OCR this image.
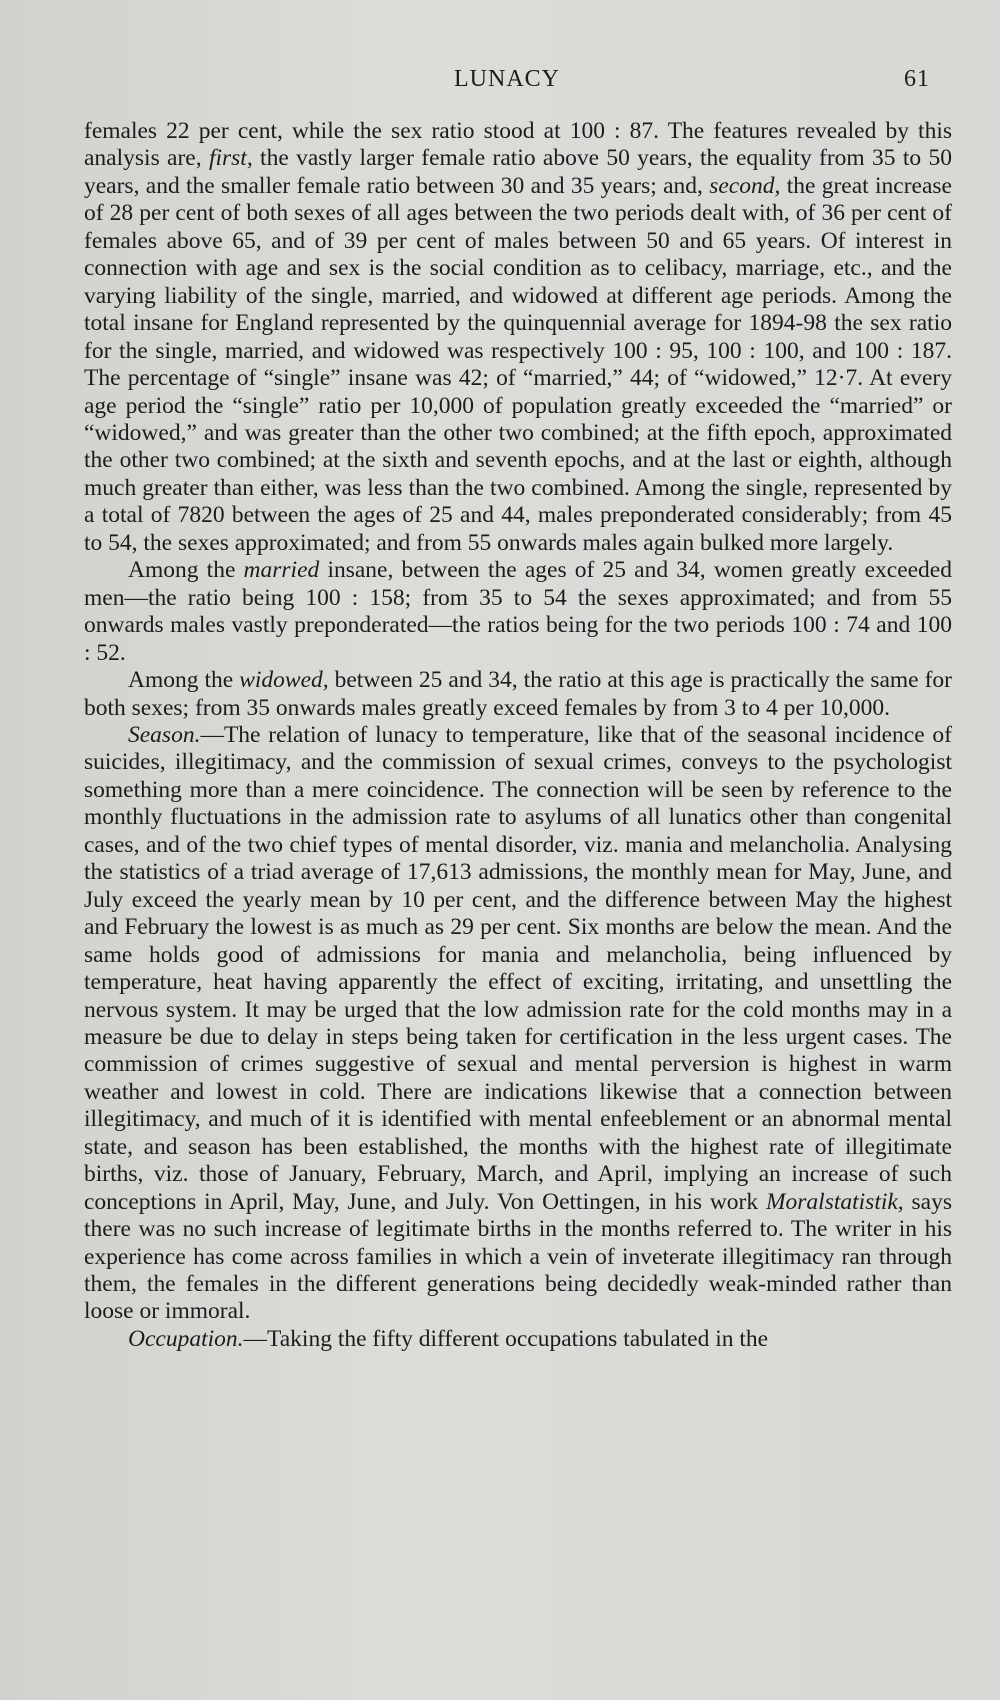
LUNACY	61

females 22 per cent, while the sex ratio stood at 100 : 87. The features revealed by this analysis are, first, the vastly larger female ratio above 50 years, the equality from 35 to 50 years, and the smaller female ratio between 30 and 35 years; and, second, the great increase of 28 per cent of both sexes of all ages between the two periods dealt with, of 36 per cent of females above 65, and of 39 per cent of males between 50 and 65 years. Of interest in connection with age and sex is the social condition as to celibacy, marriage, etc., and the varying liability of the single, married, and widowed at different age periods. Among the total insane for England represented by the quinquennial average for 1894-98 the sex ratio for the single, married, and widowed was respectively 100 : 95, 100 : 100, and 100 : 187. The percentage of “single” insane was 42; of “married,” 44; of “widowed,” 12·7. At every age period the “single” ratio per 10,000 of population greatly exceeded the “married” or “widowed,” and was greater than the other two combined; at the fifth epoch, approximated the other two combined; at the sixth and seventh epochs, and at the last or eighth, although much greater than either, was less than the two combined. Among the single, represented by a total of 7820 between the ages of 25 and 44, males preponderated considerably; from 45 to 54, the sexes approximated; and from 55 onwards males again bulked more largely.

Among the married insane, between the ages of 25 and 34, women greatly exceeded men—the ratio being 100 : 158; from 35 to 54 the sexes approximated; and from 55 onwards males vastly preponderated—the ratios being for the two periods 100 : 74 and 100 : 52.

Among the widowed, between 25 and 34, the ratio at this age is practically the same for both sexes; from 35 onwards males greatly exceed females by from 3 to 4 per 10,000.

Season.—The relation of lunacy to temperature, like that of the seasonal incidence of suicides, illegitimacy, and the commission of sexual crimes, conveys to the psychologist something more than a mere coincidence. The connection will be seen by reference to the monthly fluctuations in the admission rate to asylums of all lunatics other than congenital cases, and of the two chief types of mental disorder, viz. mania and melancholia. Analysing the statistics of a triad average of 17,613 admissions, the monthly mean for May, June, and July exceed the yearly mean by 10 per cent, and the difference between May the highest and February the lowest is as much as 29 per cent. Six months are below the mean. And the same holds good of admissions for mania and melancholia, being influenced by temperature, heat having apparently the effect of exciting, irritating, and unsettling the nervous system. It may be urged that the low admission rate for the cold months may in a measure be due to delay in steps being taken for certification in the less urgent cases. The commission of crimes suggestive of sexual and mental perversion is highest in warm weather and lowest in cold. There are indications likewise that a connection between illegitimacy, and much of it is identified with mental enfeeblement or an abnormal mental state, and season has been established, the months with the highest rate of illegitimate births, viz. those of January, February, March, and April, implying an increase of such conceptions in April, May, June, and July. Von Oettingen, in his work Moralstatistik, says there was no such increase of legitimate births in the months referred to. The writer in his experience has come across families in which a vein of inveterate illegitimacy ran through them, the females in the different generations being decidedly weak-minded rather than loose or immoral.

Occupation.—Taking the fifty different occupations tabulated in the
